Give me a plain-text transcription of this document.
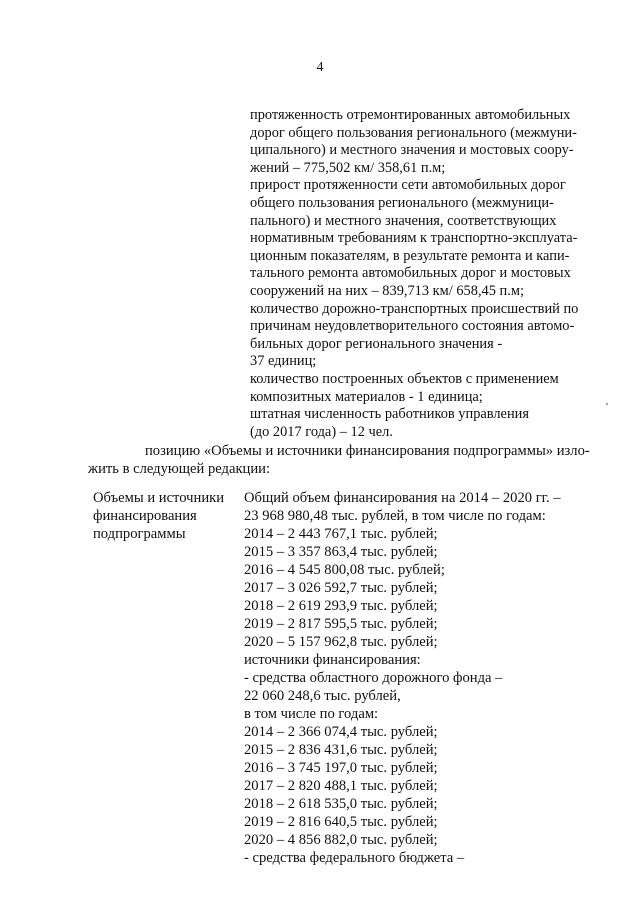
4
протяженность отремонтированных автомобильных
дорог общего пользования регионального (межмуни-
ципального) и местного значения и мостовых соору-
жений – 775,502 км/ 358,61 п.м;
прирост протяженности сети автомобильных дорог
общего пользования регионального (межмуници-
пального) и местного значения, соответствующих
нормативным требованиям к транспортно-эксплуата-
ционным показателям, в результате ремонта и капи-
тального ремонта автомобильных дорог и мостовых
сооружений на них – 839,713 км/ 658,45 п.м;
количество дорожно-транспортных происшествий по
причинам неудовлетворительного состояния автомо-
бильных дорог регионального значения -
37 единиц;
количество построенных объектов с применением
композитных материалов - 1 единица;
штатная численность работников управления
(до 2017 года) – 12 чел.
позицию «Объемы и источники финансирования подпрограммы» изло-
жить в следующей редакции:
Объемы и источники
финансирования
подпрограммы
Общий объем финансирования на 2014 – 2020 гг. –
23 968 980,48 тыс. рублей, в том числе по годам:
2014 – 2 443 767,1 тыс. рублей;
2015 – 3 357 863,4 тыс. рублей;
2016 – 4 545 800,08 тыс. рублей;
2017 – 3 026 592,7 тыс. рублей;
2018 – 2 619 293,9 тыс. рублей;
2019 – 2 817 595,5 тыс. рублей;
2020 – 5 157 962,8 тыс. рублей;
источники финансирования:
- средства областного дорожного фонда –
22 060 248,6 тыс. рублей,
в том числе по годам:
2014 – 2 366 074,4 тыс. рублей;
2015 – 2 836 431,6 тыс. рублей;
2016 – 3 745 197,0 тыс. рублей;
2017 – 2 820 488,1 тыс. рублей;
2018 – 2 618 535,0 тыс. рублей;
2019 – 2 816 640,5 тыс. рублей;
2020 – 4 856 882,0 тыс. рублей;
- средства федерального бюджета –
